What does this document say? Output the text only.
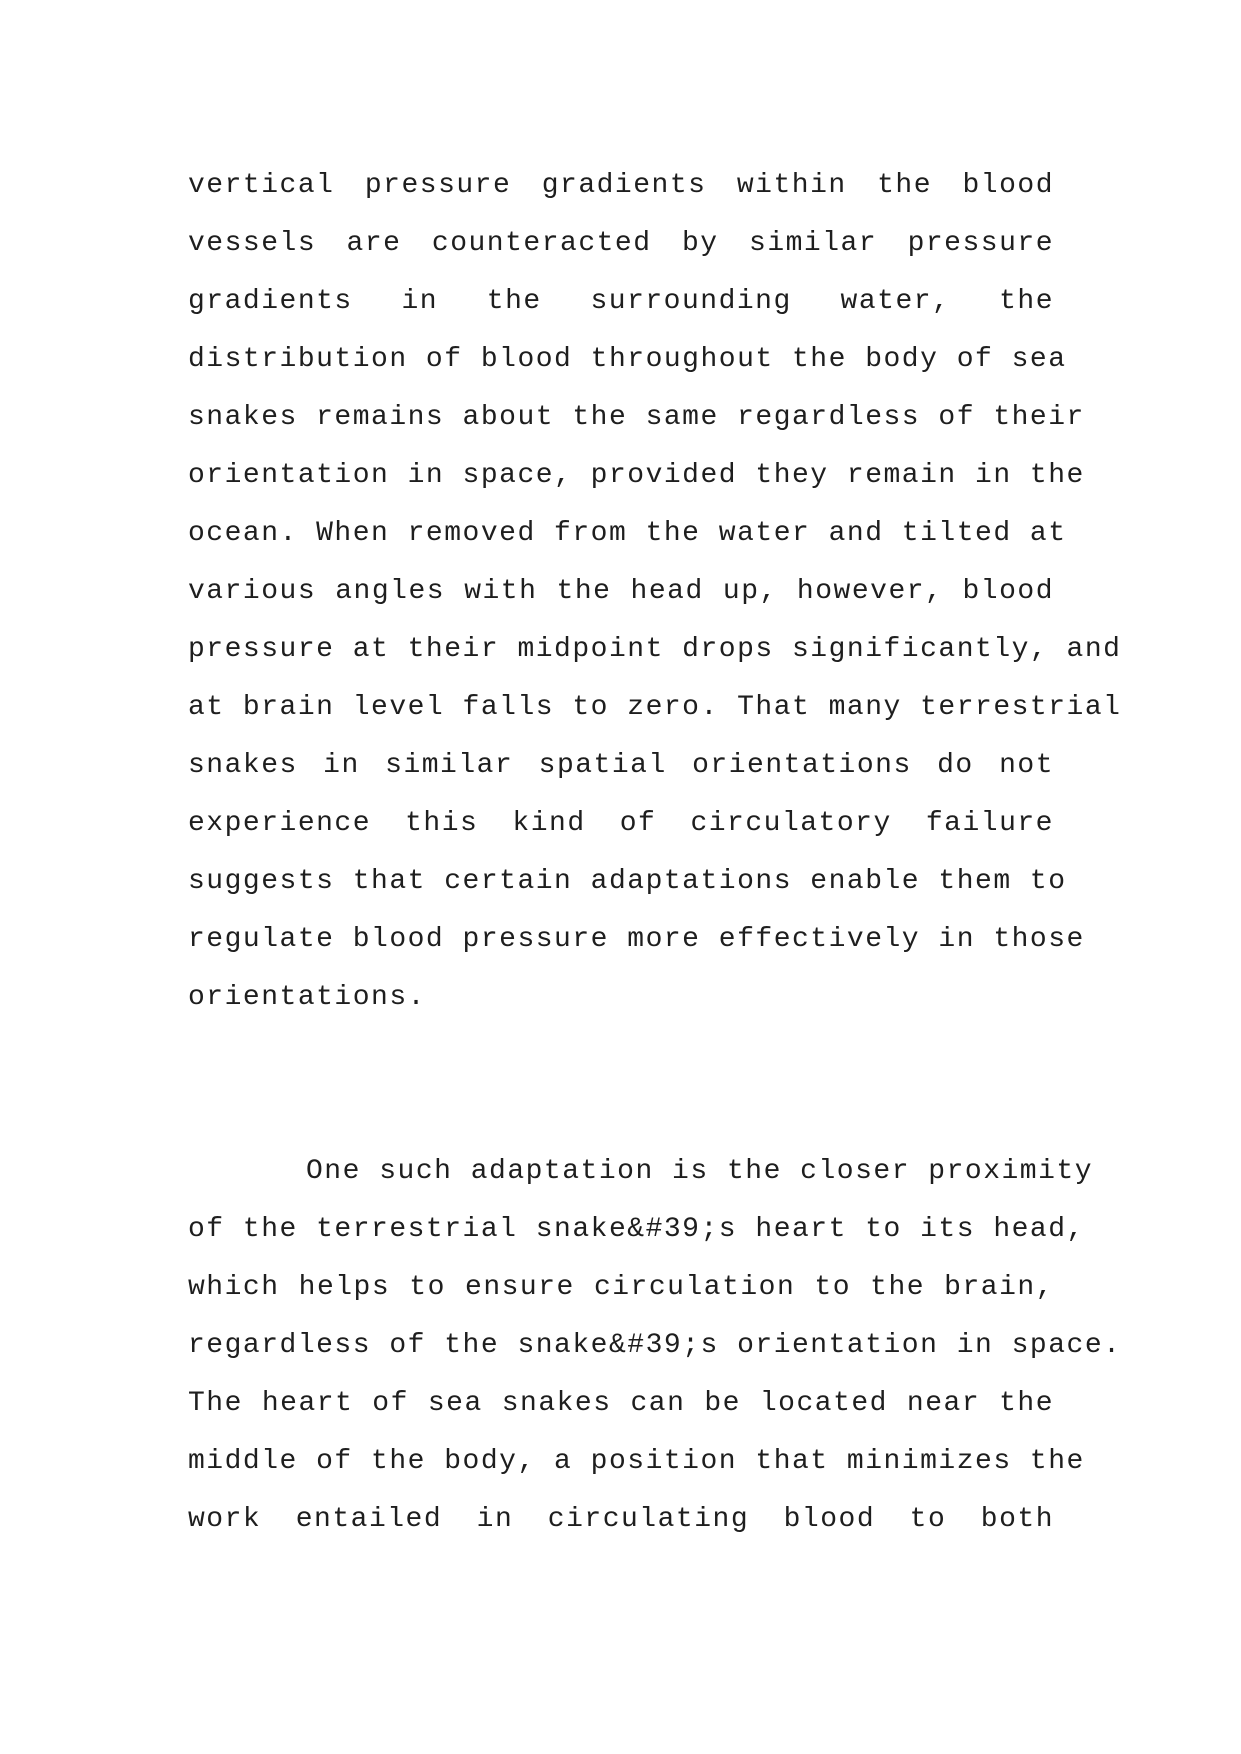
vertical pressure gradients within the blood
vessels are counteracted by similar pressure
gradients in the surrounding water, the
distribution of blood throughout the body of sea
snakes remains about the same regardless of their
orientation in space, provided they remain in the
ocean. When removed from the water and tilted at
various angles with the head up, however, blood
pressure at their midpoint drops significantly, and
at brain level falls to zero. That many terrestrial
snakes in similar spatial orientations do not
experience this kind of circulatory failure
suggests that certain adaptations enable them to
regulate blood pressure more effectively in those
orientations.
One such adaptation is the closer proximity
of the terrestrial snake&#39;s heart to its head,
which helps to ensure circulation to the brain,
regardless of the snake&#39;s orientation in space.
The heart of sea snakes can be located near the
middle of the body, a position that minimizes the
work entailed in circulating blood to both
